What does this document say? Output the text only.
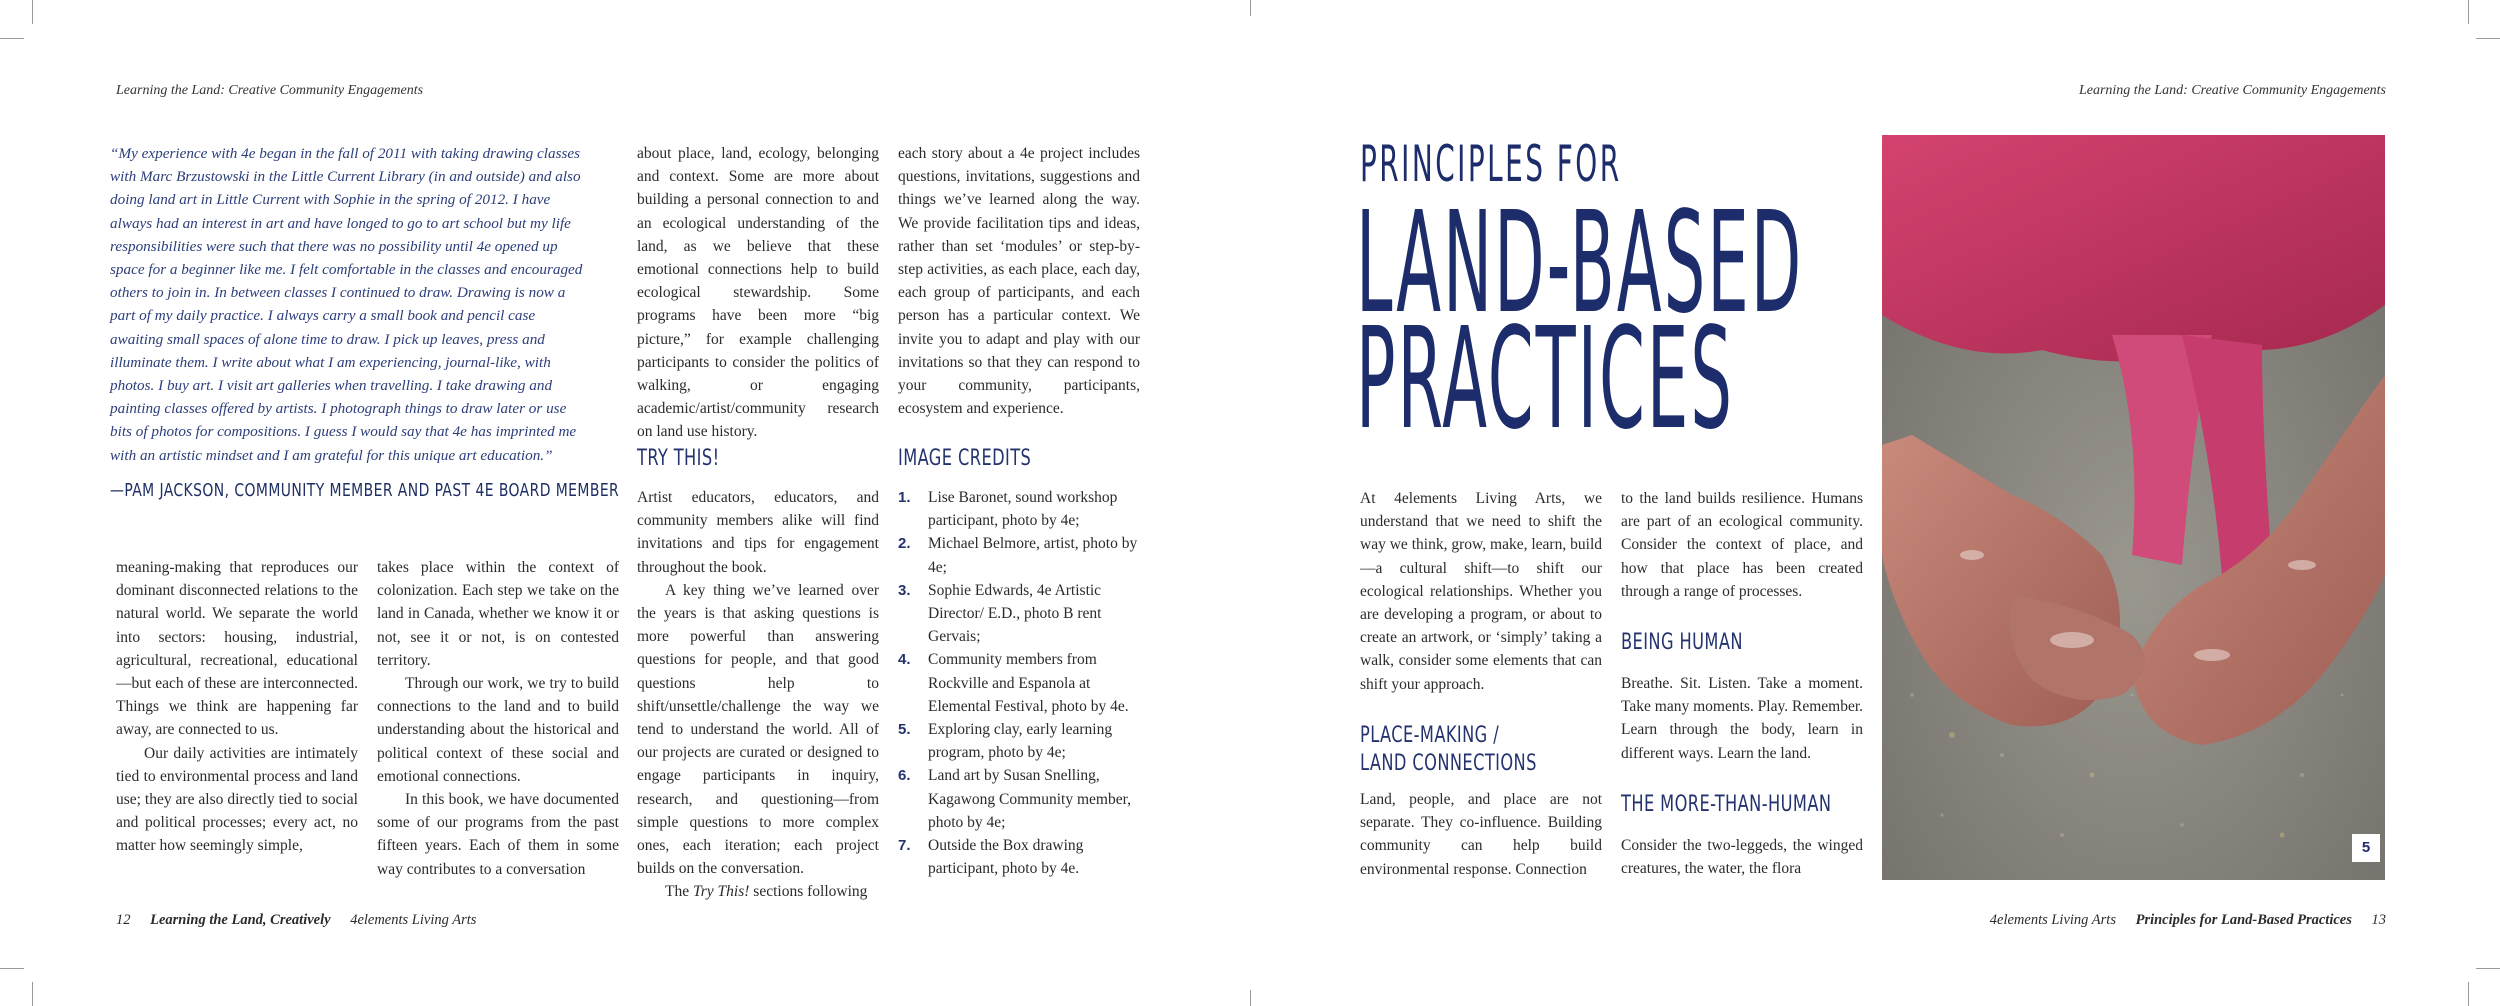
Learning the Land: Creative Community Engagements

“My experience with 4e began in the fall of 2011 with taking drawing classes with Marc Brzustowski in the Little Current Library (in and outside) and also doing land art in Little Current with Sophie in the spring of 2012. I have always had an interest in art and have longed to go to art school but my life responsibilities were such that there was no possibility until 4e opened up space for a beginner like me. I felt comfortable in the classes and encouraged others to join in. In between classes I continued to draw. Drawing is now a part of my daily practice. I always carry a small book and pencil case awaiting small spaces of alone time to draw. I pick up leaves, press and illuminate them. I write about what I am experiencing, journal-like, with photos. I buy art. I visit art galleries when travelling. I take drawing and painting classes offered by artists. I photograph things to draw later or use bits of photos for compositions. I guess I would say that 4e has imprinted me with an artistic mindset and I am grateful for this unique art education.”

—PAM JACKSON, COMMUNITY MEMBER AND PAST 4E BOARD MEMBER

meaning-making that reproduces our dominant disconnected relations to the natural world. We separate the world into sectors: housing, industrial, agricultural, recreational, educational—but each of these are interconnected. Things we think are happening far away, are connected to us.

Our daily activities are intimately tied to environmental process and land use; they are also directly tied to social and political processes; every act, no matter how seemingly simple,

takes place within the context of colonization. Each step we take on the land in Canada, whether we know it or not, see it or not, is on contested territory.

Through our work, we try to build connections to the land and to build understanding about the historical and political context of these social and emotional connections.

In this book, we have documented some of our programs from the past fifteen years. Each of them in some way contributes to a conversation

about place, land, ecology, belonging and context. Some are more about building a personal connection to and an ecological understanding of the land, as we believe that these emotional connections help to build ecological stewardship. Some programs have been more “big picture,” for example challenging participants to consider the politics of walking, or engaging academic/artist/community research on land use history.

TRY THIS!

Artist educators, educators, and community members alike will find invitations and tips for engagement throughout the book.

A key thing we’ve learned over the years is that asking questions is more powerful than answering questions for people, and that good questions help to shift/unsettle/challenge the way we tend to understand the world. All of our projects are curated or designed to engage participants in inquiry, research, and questioning—from simple questions to more complex ones, each iteration; each project builds on the conversation.

The Try This! sections following

each story about a 4e project includes questions, invitations, suggestions and things we’ve learned along the way. We provide facilitation tips and ideas, rather than set ‘modules’ or step-by-step activities, as each place, each day, each group of participants, and each person has a particular context. We invite you to adapt and play with our invitations so that they can respond to your community, participants, ecosystem and experience.

IMAGE CREDITS
1. Lise Baronet, sound workshop participant, photo by 4e;
2. Michael Belmore, artist, photo by 4e;
3. Sophie Edwards, 4e Artistic Director/ E.D., photo B rent Gervais;
4. Community members from Rockville and Espanola at Elemental Festival, photo by 4e.
5. Exploring clay, early learning program, photo by 4e;
6. Land art by Susan Snelling, Kagawong Community member, photo by 4e;
7. Outside the Box drawing participant, photo by 4e.
12 Learning the Land, Creatively 4elements Living Arts
Learning the Land: Creative Community Engagements
PRINCIPLES FOR
LAND-BASED
PRACTICES

At 4elements Living Arts, we understand that we need to shift the way we think, grow, make, learn, build—a cultural shift—to shift our ecological relationships. Whether you are developing a program, or about to create an artwork, or ‘simply’ taking a walk, consider some elements that can shift your approach.

PLACE-MAKING /
LAND CONNECTIONS

Land, people, and place are not separate. They co-influence. Building community can help build environmental response. Connection

to the land builds resilience. Humans are part of an ecological community. Consider the context of place, and how that place has been created through a range of processes.

BEING HUMAN

Breathe. Sit. Listen. Take a moment. Take many moments. Play. Remember. Learn through the body, learn in different ways. Learn the land.

THE MORE-THAN-HUMAN

Consider the two-leggeds, the winged creatures, the water, the flora

5
4elements Living Arts Principles for Land-Based Practices 13
